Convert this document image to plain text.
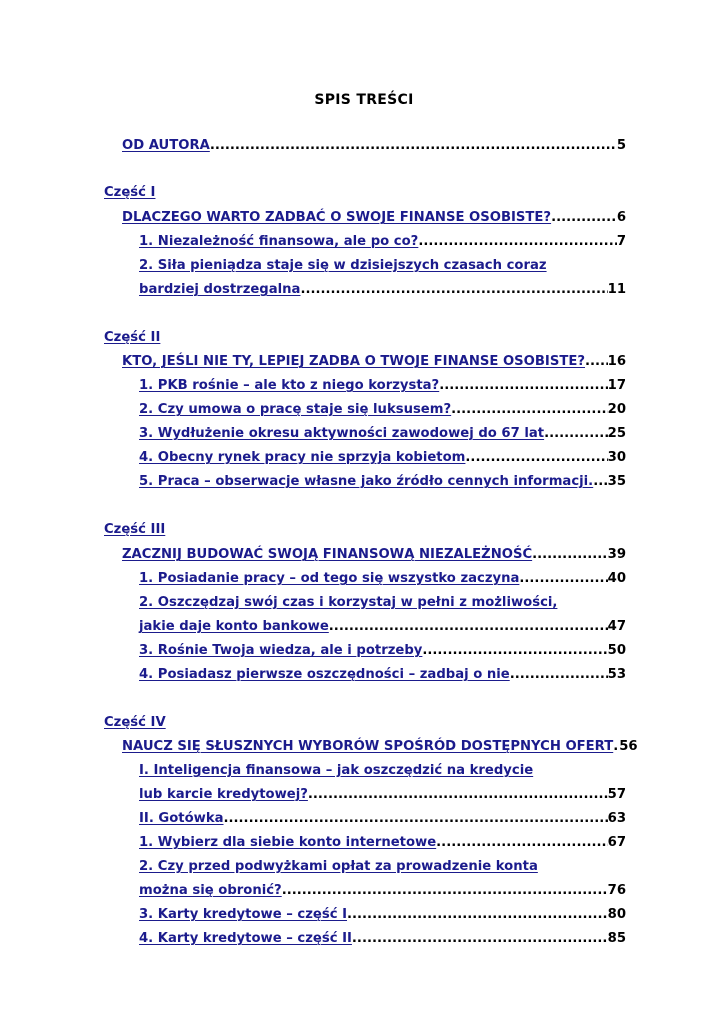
SPIS TREŚCI
OD AUTORA .....	5
Część I
DLACZEGO WARTO ZADBAĆ O SWOJE FINANSE OSOBISTE? .....	6
1. Niezależność finansowa, ale po co? .....	7
2. Siła pieniądza staje się w dzisiejszych czasach coraz
bardziej dostrzegalna .....	11
Część II
KTO, JEŚLI NIE TY, LEPIEJ ZADBA O TWOJE FINANSE OSOBISTE? ..... 16
1. PKB rośnie – ale kto z niego korzysta? .....	17
2. Czy umowa o pracę staje się luksusem? .....	20
3. Wydłużenie okresu aktywności zawodowej do 67 lat .....	25
4. Obecny rynek pracy nie sprzyja kobietom .....	30
5. Praca – obserwacje własne jako źródło cennych informacji. ..... 35
Część III
ZACZNIJ BUDOWAĆ SWOJĄ FINANSOWĄ NIEZALEŻNOŚĆ .....	39
1. Posiadanie pracy – od tego się wszystko zaczyna .....	40
2. Oszczędzaj swój czas i korzystaj w pełni z możliwości,
jakie daje konto bankowe .....	47
3. Rośnie Twoja wiedza, ale i potrzeby .....	50
4. Posiadasz pierwsze oszczędności – zadbaj o nie .....	53
Część IV
NAUCZ SIĘ SŁUSZNYCH WYBORÓW SPOŚRÓD DOSTĘPNYCH OFERT ..... 56
I. Inteligencja finansowa – jak oszczędzić na kredycie
lub karcie kredytowej? .....	57
II. Gotówka .....	63
1. Wybierz dla siebie konto internetowe .....	67
2. Czy przed podwyżkami opłat za prowadzenie konta
można się obronić? .....	76
3. Karty kredytowe – część I .....	80
4. Karty kredytowe – część II .....	85
